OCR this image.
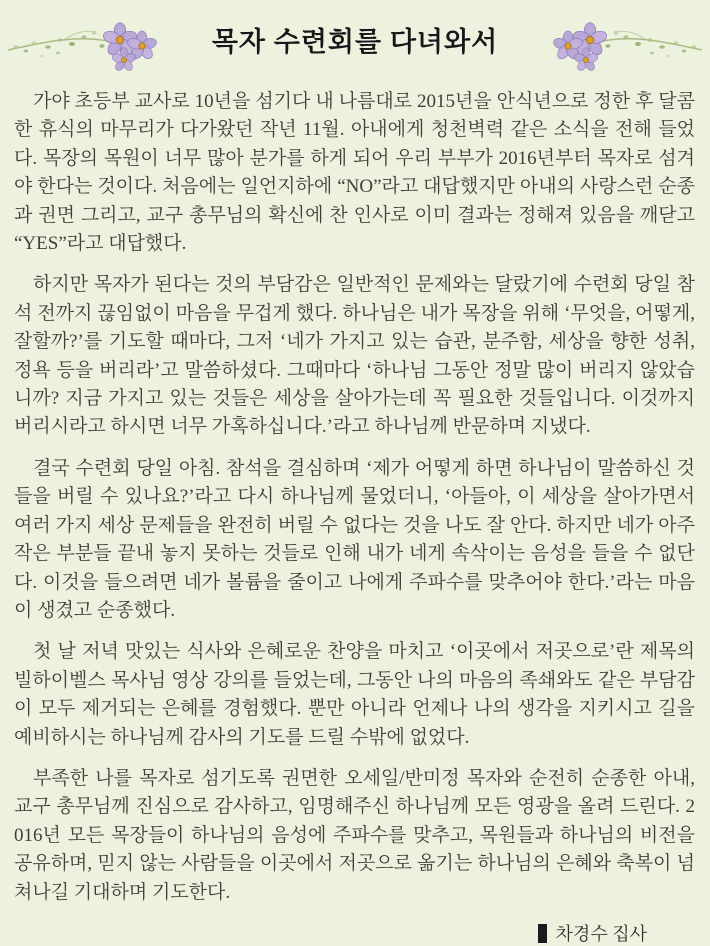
목자 수련회를 다녀와서

가야 초등부 교사로 10년을 섬기다 내 나름대로 2015년을 안식년으로 정한 후 달콤한 휴식의 마무리가 다가왔던 작년 11월. 아내에게 청천벽력 같은 소식을 전해 들었다. 목장의 목원이 너무 많아 분가를 하게 되어 우리 부부가 2016년부터 목자로 섬겨야 한다는 것이다. 처음에는 일언지하에 “NO”라고 대답했지만 아내의 사랑스런 순종과 권면 그리고, 교구 총무님의 확신에 찬 인사로 이미 결과는 정해져 있음을 깨닫고 “YES”라고 대답했다.

하지만 목자가 된다는 것의 부담감은 일반적인 문제와는 달랐기에 수련회 당일 참석 전까지 끊임없이 마음을 무겁게 했다. 하나님은 내가 목장을 위해 ‘무엇을, 어떻게, 잘할까?’를 기도할 때마다, 그저 ‘네가 가지고 있는 습관, 분주함, 세상을 향한 성취, 정욕 등을 버리라’고 말씀하셨다. 그때마다 ‘하나님 그동안 정말 많이 버리지 않았습니까? 지금 가지고 있는 것들은 세상을 살아가는데 꼭 필요한 것들입니다. 이것까지 버리시라고 하시면 너무 가혹하십니다.’라고 하나님께 반문하며 지냈다.

결국 수련회 당일 아침. 참석을 결심하며 ‘제가 어떻게 하면 하나님이 말씀하신 것들을 버릴 수 있나요?’라고 다시 하나님께 물었더니, ‘아들아, 이 세상을 살아가면서 여러 가지 세상 문제들을 완전히 버릴 수 없다는 것을 나도 잘 안다. 하지만 네가 아주 작은 부분들 끝내 놓지 못하는 것들로 인해 내가 네게 속삭이는 음성을 들을 수 없단다. 이것을 들으려면 네가 볼륨을 줄이고 나에게 주파수를 맞추어야 한다.’라는 마음이 생겼고 순종했다.

첫 날 저녁 맛있는 식사와 은혜로운 찬양을 마치고 ‘이곳에서 저곳으로’란 제목의 빌하이벨스 목사님 영상 강의를 들었는데, 그동안 나의 마음의 족쇄와도 같은 부담감이 모두 제거되는 은혜를 경험했다. 뿐만 아니라 언제나 나의 생각을 지키시고 길을 예비하시는 하나님께 감사의 기도를 드릴 수밖에 없었다.

부족한 나를 목자로 섬기도록 권면한 오세일/반미정 목자와 순전히 순종한 아내, 교구 총무님께 진심으로 감사하고, 임명해주신 하나님께 모든 영광을 올려 드린다. 2016년 모든 목장들이 하나님의 음성에 주파수를 맞추고, 목원들과 하나님의 비전을 공유하며, 믿지 않는 사람들을 이곳에서 저곳으로 옮기는 하나님의 은혜와 축복이 넘쳐나길 기대하며 기도한다.

차경수 집사
